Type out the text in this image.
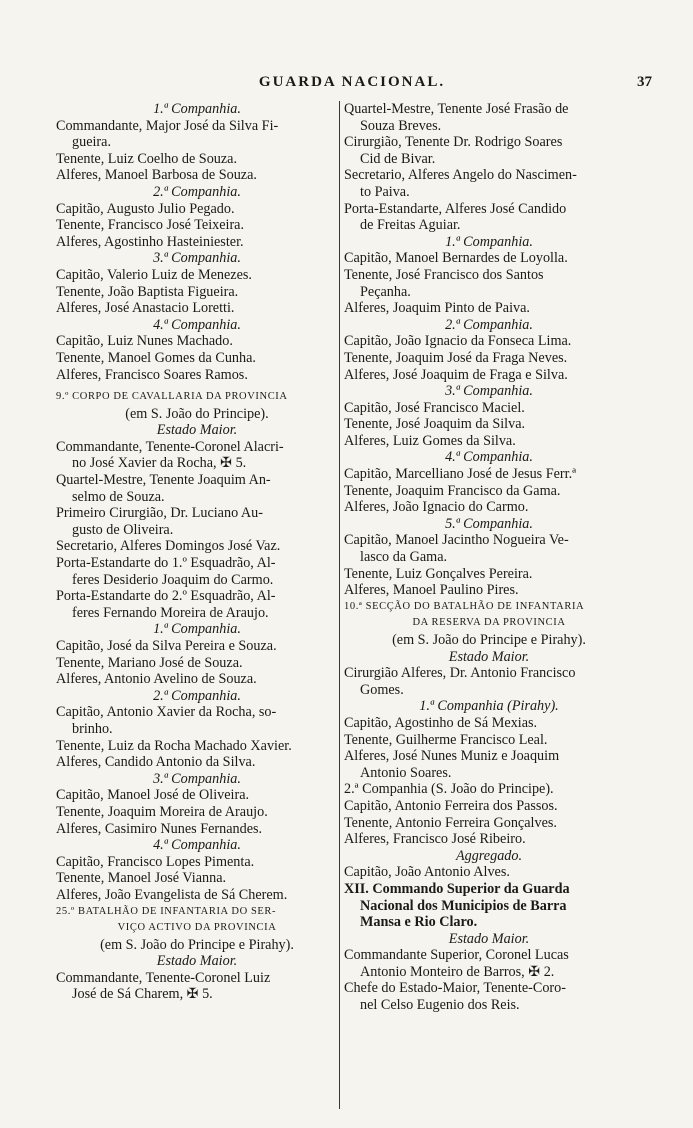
GUARDA NACIONAL.	37
1.ª Companhia.
Commandante, Major José da Silva Fi-
gueira.
Tenente, Luiz Coelho de Souza.
Alferes, Manoel Barbosa de Souza.
2.ª Companhia.
Capitão, Augusto Julio Pegado.
Tenente, Francisco José Teixeira.
Alferes, Agostinho Hasteiniester.
3.ª Companhia.
Capitão, Valerio Luiz de Menezes.
Tenente, João Baptista Figueira.
Alferes, José Anastacio Loretti.
4.ª Companhia.
Capitão, Luiz Nunes Machado.
Tenente, Manoel Gomes da Cunha.
Alferes, Francisco Soares Ramos.
9.º CORPO DE CAVALLARIA DA PROVINCIA
(em S. João do Principe).
Estado Maior.
Commandante, Tenente-Coronel Alacri-
no José Xavier da Rocha, ✠ 5.
Quartel-Mestre, Tenente Joaquim An-
selmo de Souza.
Primeiro Cirurgião, Dr. Luciano Au-
gusto de Oliveira.
Secretario, Alferes Domingos José Vaz.
Porta-Estandarte do 1.º Esquadrão, Al-
feres Desiderio Joaquim do Carmo.
Porta-Estandarte do 2.º Esquadrão, Al-
feres Fernando Moreira de Araujo.
1.ª Companhia.
Capitão, José da Silva Pereira e Souza.
Tenente, Mariano José de Souza.
Alferes, Antonio Avelino de Souza.
2.ª Companhia.
Capitão, Antonio Xavier da Rocha, so-
brinho.
Tenente, Luiz da Rocha Machado Xavier.
Alferes, Candido Antonio da Silva.
3.ª Companhia.
Capitão, Manoel José de Oliveira.
Tenente, Joaquim Moreira de Araujo.
Alferes, Casimiro Nunes Fernandes.
4.ª Companhia.
Capitão, Francisco Lopes Pimenta.
Tenente, Manoel José Vianna.
Alferes, João Evangelista de Sá Cherem.
25.º BATALHÃO DE INFANTARIA DO SER-
VIÇO ACTIVO DA PROVINCIA
(em S. João do Principe e Pirahy).
Estado Maior.
Commandante, Tenente-Coronel Luiz
José de Sá Charem, ✠ 5.
Quartel-Mestre, Tenente José Frasão de
Souza Breves.
Cirurgião, Tenente Dr. Rodrigo Soares
Cid de Bivar.
Secretario, Alferes Angelo do Nascimen-
to Paiva.
Porta-Estandarte, Alferes José Candido
de Freitas Aguiar.
1.ª Companhia.
Capitão, Manoel Bernardes de Loyolla.
Tenente, José Francisco dos Santos
Peçanha.
Alferes, Joaquim Pinto de Paiva.
2.ª Companhia.
Capitão, João Ignacio da Fonseca Lima.
Tenente, Joaquim José da Fraga Neves.
Alferes, José Joaquim de Fraga e Silva.
3.ª Companhia.
Capitão, José Francisco Maciel.
Tenente, José Joaquim da Silva.
Alferes, Luiz Gomes da Silva.
4.ª Companhia.
Capitão, Marcelliano José de Jesus Ferr.ª
Tenente, Joaquim Francisco da Gama.
Alferes, João Ignacio do Carmo.
5.ª Companhia.
Capitão, Manoel Jacintho Nogueira Ve-
lasco da Gama.
Tenente, Luiz Gonçalves Pereira.
Alferes, Manoel Paulino Pires.
10.ª SECÇÃO DO BATALHÃO DE INFANTARIA
DA RESERVA DA PROVINCIA
(em S. João do Principe e Pirahy).
Estado Maior.
Cirurgião Alferes, Dr. Antonio Francisco
Gomes.
1.ª Companhia (Pirahy).
Capitão, Agostinho de Sá Mexias.
Tenente, Guilherme Francisco Leal.
Alferes, José Nunes Muniz e Joaquim
Antonio Soares.
2.ª Companhia (S. João do Principe).
Capitão, Antonio Ferreira dos Passos.
Tenente, Antonio Ferreira Gonçalves.
Alferes, Francisco José Ribeiro.
Aggregado.
Capitão, João Antonio Alves.
XII. Commando Superior da Guarda
Nacional dos Municipios de Barra
Mansa e Rio Claro.
Estado Maior.
Commandante Superior, Coronel Lucas
Antonio Monteiro de Barros, ✠ 2.
Chefe do Estado-Maior, Tenente-Coro-
nel Celso Eugenio dos Reis.
